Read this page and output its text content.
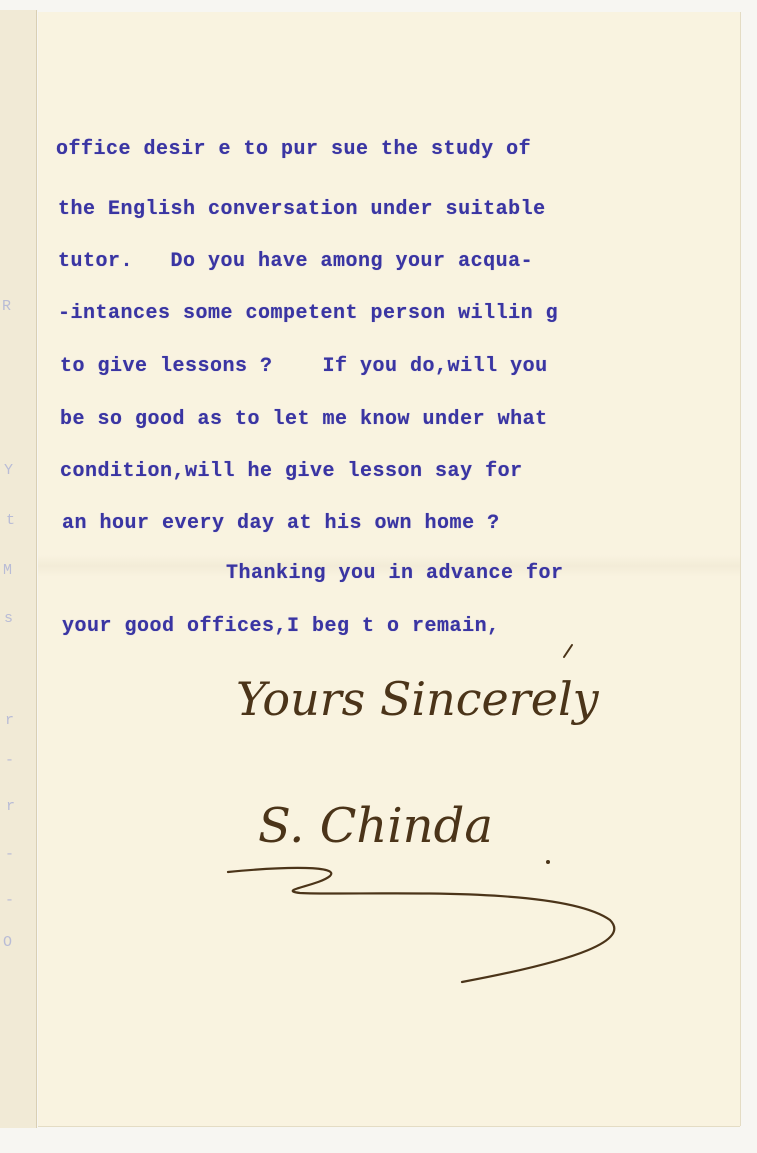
R
Y
t
M
s
r
-
r
-
-
O
office desir e to pur sue the study of
the English conversation under suitable
tutor.   Do you have among your acqua-
-intances some competent person willin g
to give lessons ?    If you do,will you
be so good as to let me know under what
condition,will he give lesson say for
an hour every day at his own home ?
Thanking you in advance for
your good offices,I beg t o remain,
Yours Sincerely
S. Chinda
